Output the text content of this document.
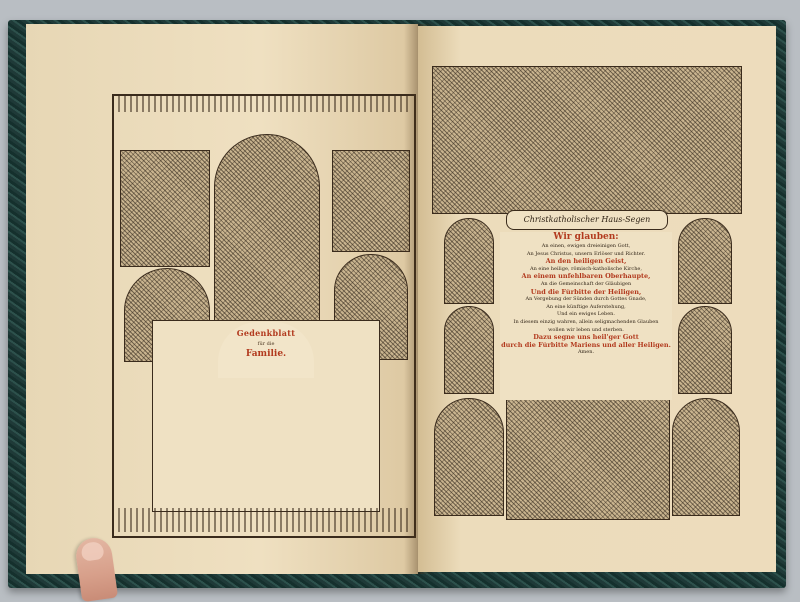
Gedenkblatt
für die
Familie.
Christkatholischer Haus-Segen
Wir glauben:
An einen, ewigen dreieinigen Gott,
An Jesus Christus, unsern Erlöser und Richter.
An den heiligen Geist,
An eine heilige, römisch-katholische Kirche,
An einem unfehlbaren Oberhaupte,
An die Gemeinschaft der Gläubigen
Und die Fürbitte der Heiligen,
An Vergebung der Sünden durch Gottes Gnade,
An eine künftige Auferstehung,
Und ein ewiges Leben.
In diesem einzig wahren, allein seligmachenden Glauben
wollen wir leben und sterben.
Dazu segne uns heil'ger Gott
durch die Fürbitte Mariens und aller Heiligen.
Amen.
